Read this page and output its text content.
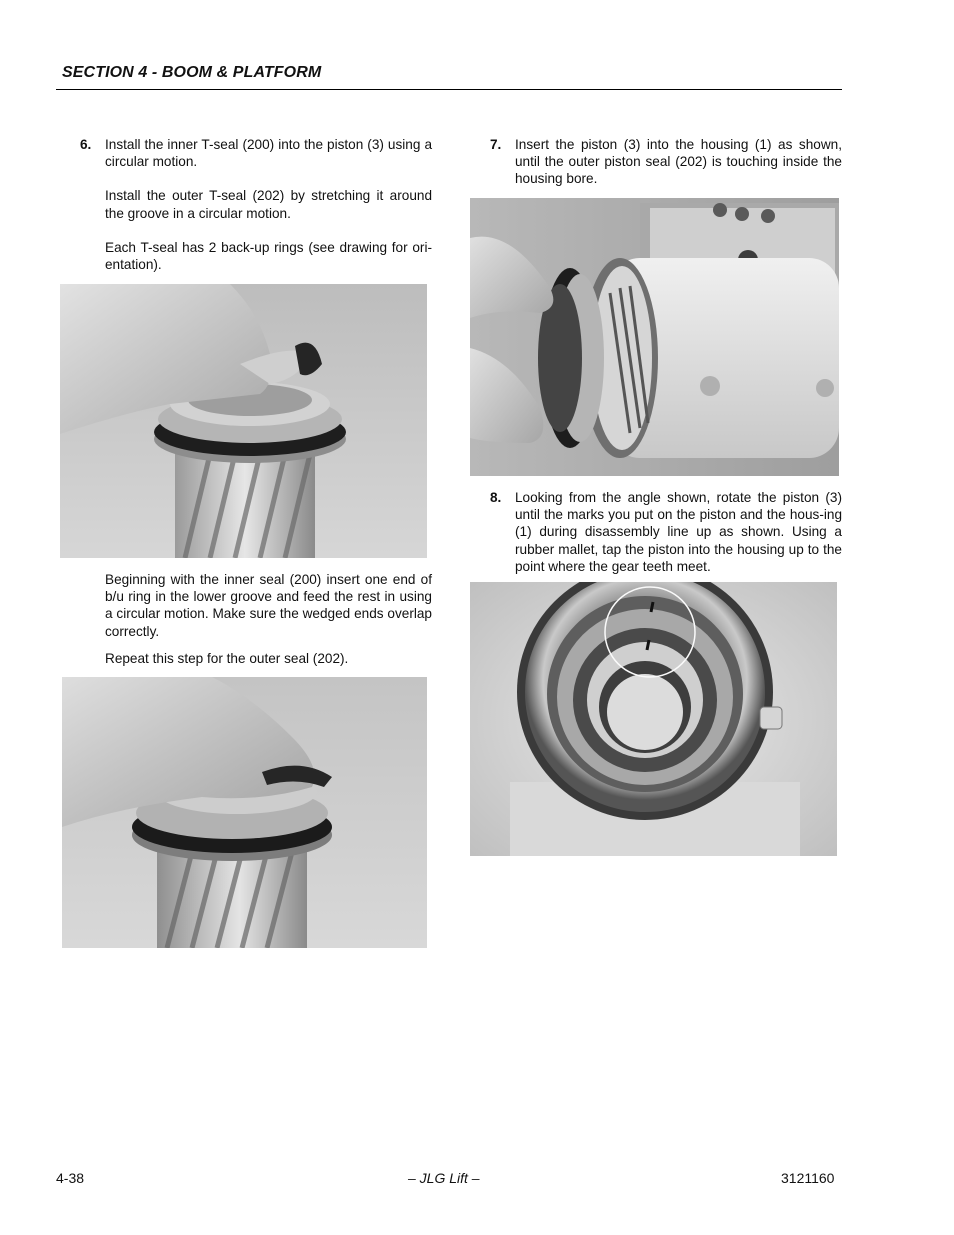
SECTION 4 - BOOM & PLATFORM
6. Install the inner T-seal (200) into the piston (3) using a circular motion.

Install the outer T-seal (202) by stretching it around the groove in a circular motion.

Each T-seal has 2 back-up rings (see drawing for ori-entation).

Beginning with the inner seal (200) insert one end of b/u ring in the lower groove and feed the rest in using a circular motion. Make sure the wedged ends overlap correctly.
Repeat this step for the outer seal (202).
7. Insert the piston (3) into the housing (1) as shown, until the outer piston seal (202) is touching inside the housing bore.

8. Looking from the angle shown, rotate the piston (3) until the marks you put on the piston and the hous-ing (1) during disassembly line up as shown. Using a rubber mallet, tap the piston into the housing up to the point where the gear teeth meet.

4-38	– JLG Lift –	3121160
